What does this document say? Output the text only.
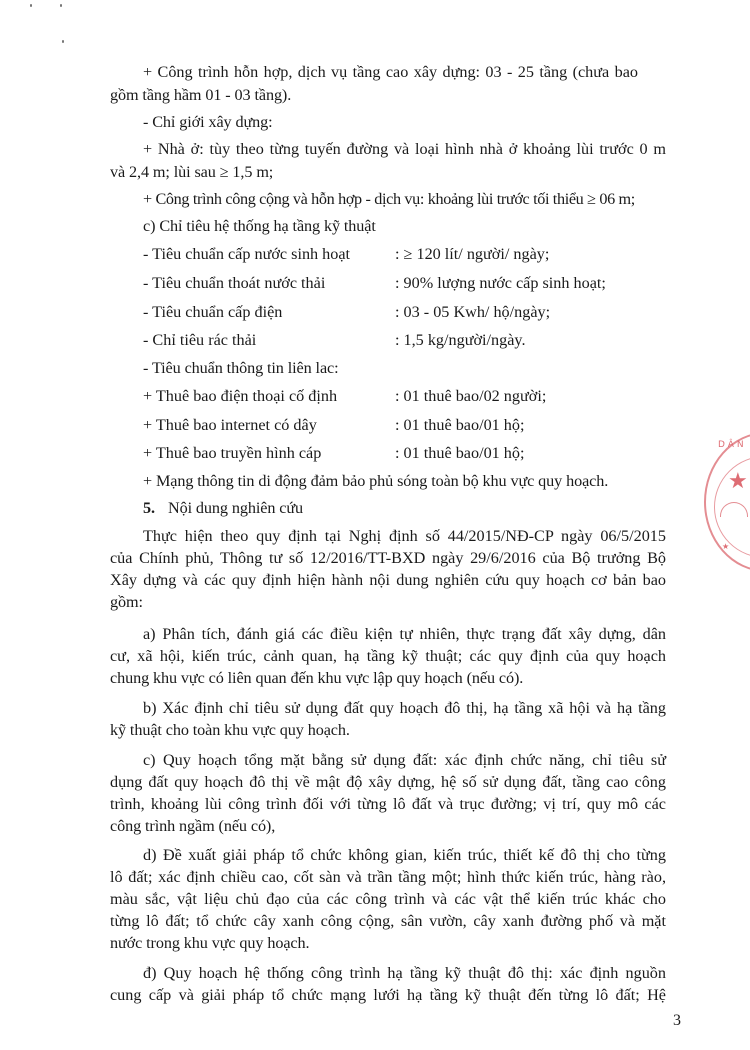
+ Công trình hỗn hợp, dịch vụ tầng cao xây dựng: 03 - 25 tầng (chưa bao
gồm tầng hầm 01 - 03 tầng).
- Chỉ giới xây dựng:
+ Nhà ở: tùy theo từng tuyến đường và loại hình nhà ở khoảng lùi trước 0 m
và 2,4 m; lùi sau ≥ 1,5 m;
+ Công trình công cộng và hỗn hợp - dịch vụ: khoảng lùi trước tối thiểu ≥ 06 m;
c) Chỉ tiêu hệ thống hạ tầng kỹ thuật
- Tiêu chuẩn cấp nước sinh hoạt	: ≥ 120 lít/ người/ ngày;
- Tiêu chuẩn thoát nước thải	: 90% lượng nước cấp sinh hoạt;
- Tiêu chuẩn cấp điện	: 03 - 05 Kwh/ hộ/ngày;
- Chỉ tiêu rác thải	: 1,5 kg/người/ngày.
- Tiêu chuẩn thông tin liên lac:
+ Thuê bao điện thoại cố định	: 01 thuê bao/02 người;
+ Thuê bao internet có dây	: 01 thuê bao/01 hộ;
+ Thuê bao truyền hình cáp	: 01 thuê bao/01 hộ;
+ Mạng thông tin di động đảm bảo phủ sóng toàn bộ khu vực quy hoạch.
5. Nội dung nghiên cứu
Thực hiện theo quy định tại Nghị định số 44/2015/NĐ-CP ngày 06/5/2015
của Chính phủ, Thông tư số 12/2016/TT-BXD ngày 29/6/2016 của Bộ trưởng Bộ
Xây dựng và các quy định hiện hành nội dung nghiên cứu quy hoạch cơ bản bao
gồm:
a) Phân tích, đánh giá các điều kiện tự nhiên, thực trạng đất xây dựng, dân
cư, xã hội, kiến trúc, cảnh quan, hạ tầng kỹ thuật; các quy định của quy hoạch
chung khu vực có liên quan đến khu vực lập quy hoạch (nếu có).
b) Xác định chỉ tiêu sử dụng đất quy hoạch đô thị, hạ tầng xã hội và hạ tầng
kỹ thuật cho toàn khu vực quy hoạch.
c) Quy hoạch tổng mặt bằng sử dụng đất: xác định chức năng, chỉ tiêu sử
dụng đất quy hoạch đô thị về mật độ xây dựng, hệ số sử dụng đất, tầng cao công
trình, khoảng lùi công trình đối với từng lô đất và trục đường; vị trí, quy mô các
công trình ngầm (nếu có),
d) Đề xuất giải pháp tổ chức không gian, kiến trúc, thiết kế đô thị cho từng
lô đất; xác định chiều cao, cốt sàn và trần tầng một; hình thức kiến trúc, hàng rào,
màu sắc, vật liệu chủ đạo của các công trình và các vật thể kiến trúc khác cho
từng lô đất; tổ chức cây xanh công cộng, sân vườn, cây xanh đường phố và mặt
nước trong khu vực quy hoạch.
đ) Quy hoạch hệ thống công trình hạ tầng kỹ thuật đô thị: xác định nguồn
cung cấp và giải pháp tổ chức mạng lưới hạ tầng kỹ thuật đến từng lô đất; Hệ
3
DÂN
★
★
